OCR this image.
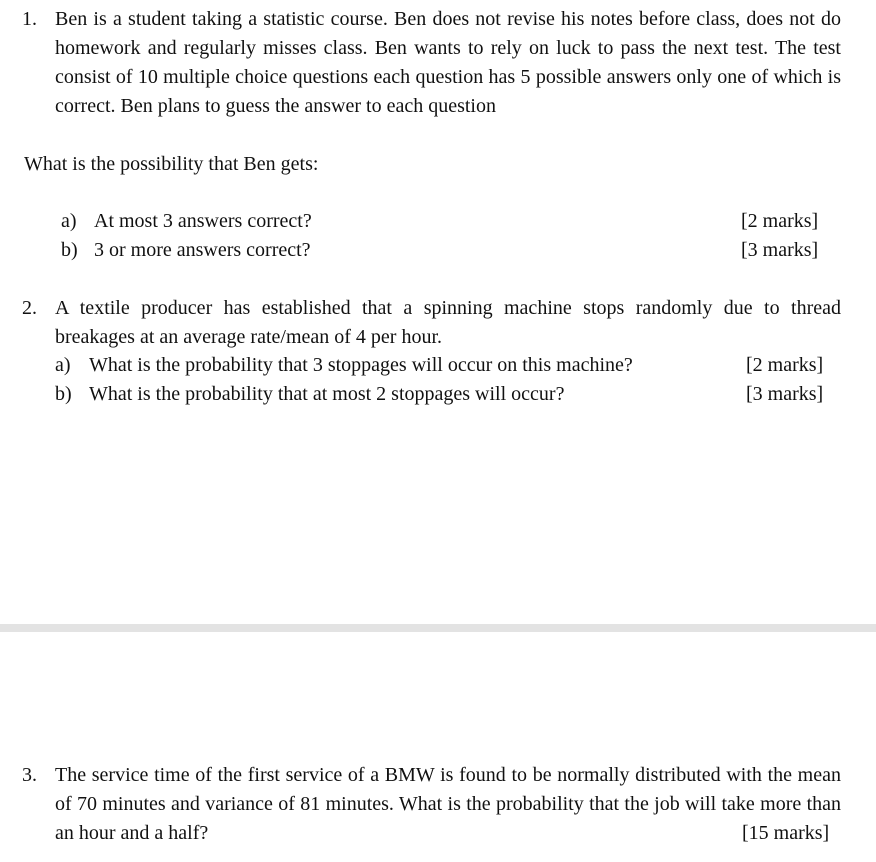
1. Ben is a student taking a statistic course. Ben does not revise his notes before class, does not do homework and regularly misses class. Ben wants to rely on luck to pass the next test. The test consist of 10 multiple choice questions each question has 5 possible answers only one of which is correct. Ben plans to guess the answer to each question
What is the possibility that Ben gets:
a) At most 3 answers correct?	[2 marks]
b) 3 or more answers correct?	[3 marks]
2. A textile producer has established that a spinning machine stops randomly due to thread breakages at an average rate/mean of 4 per hour.
a) What is the probability that 3 stoppages will occur on this machine?	[2 marks]
b) What is the probability that at most 2 stoppages will occur?	[3 marks]
3. The service time of the first service of a BMW is found to be normally distributed with the mean of 70 minutes and variance of 81 minutes. What is the probability that the job will take more than an hour and a half?	[15 marks]
